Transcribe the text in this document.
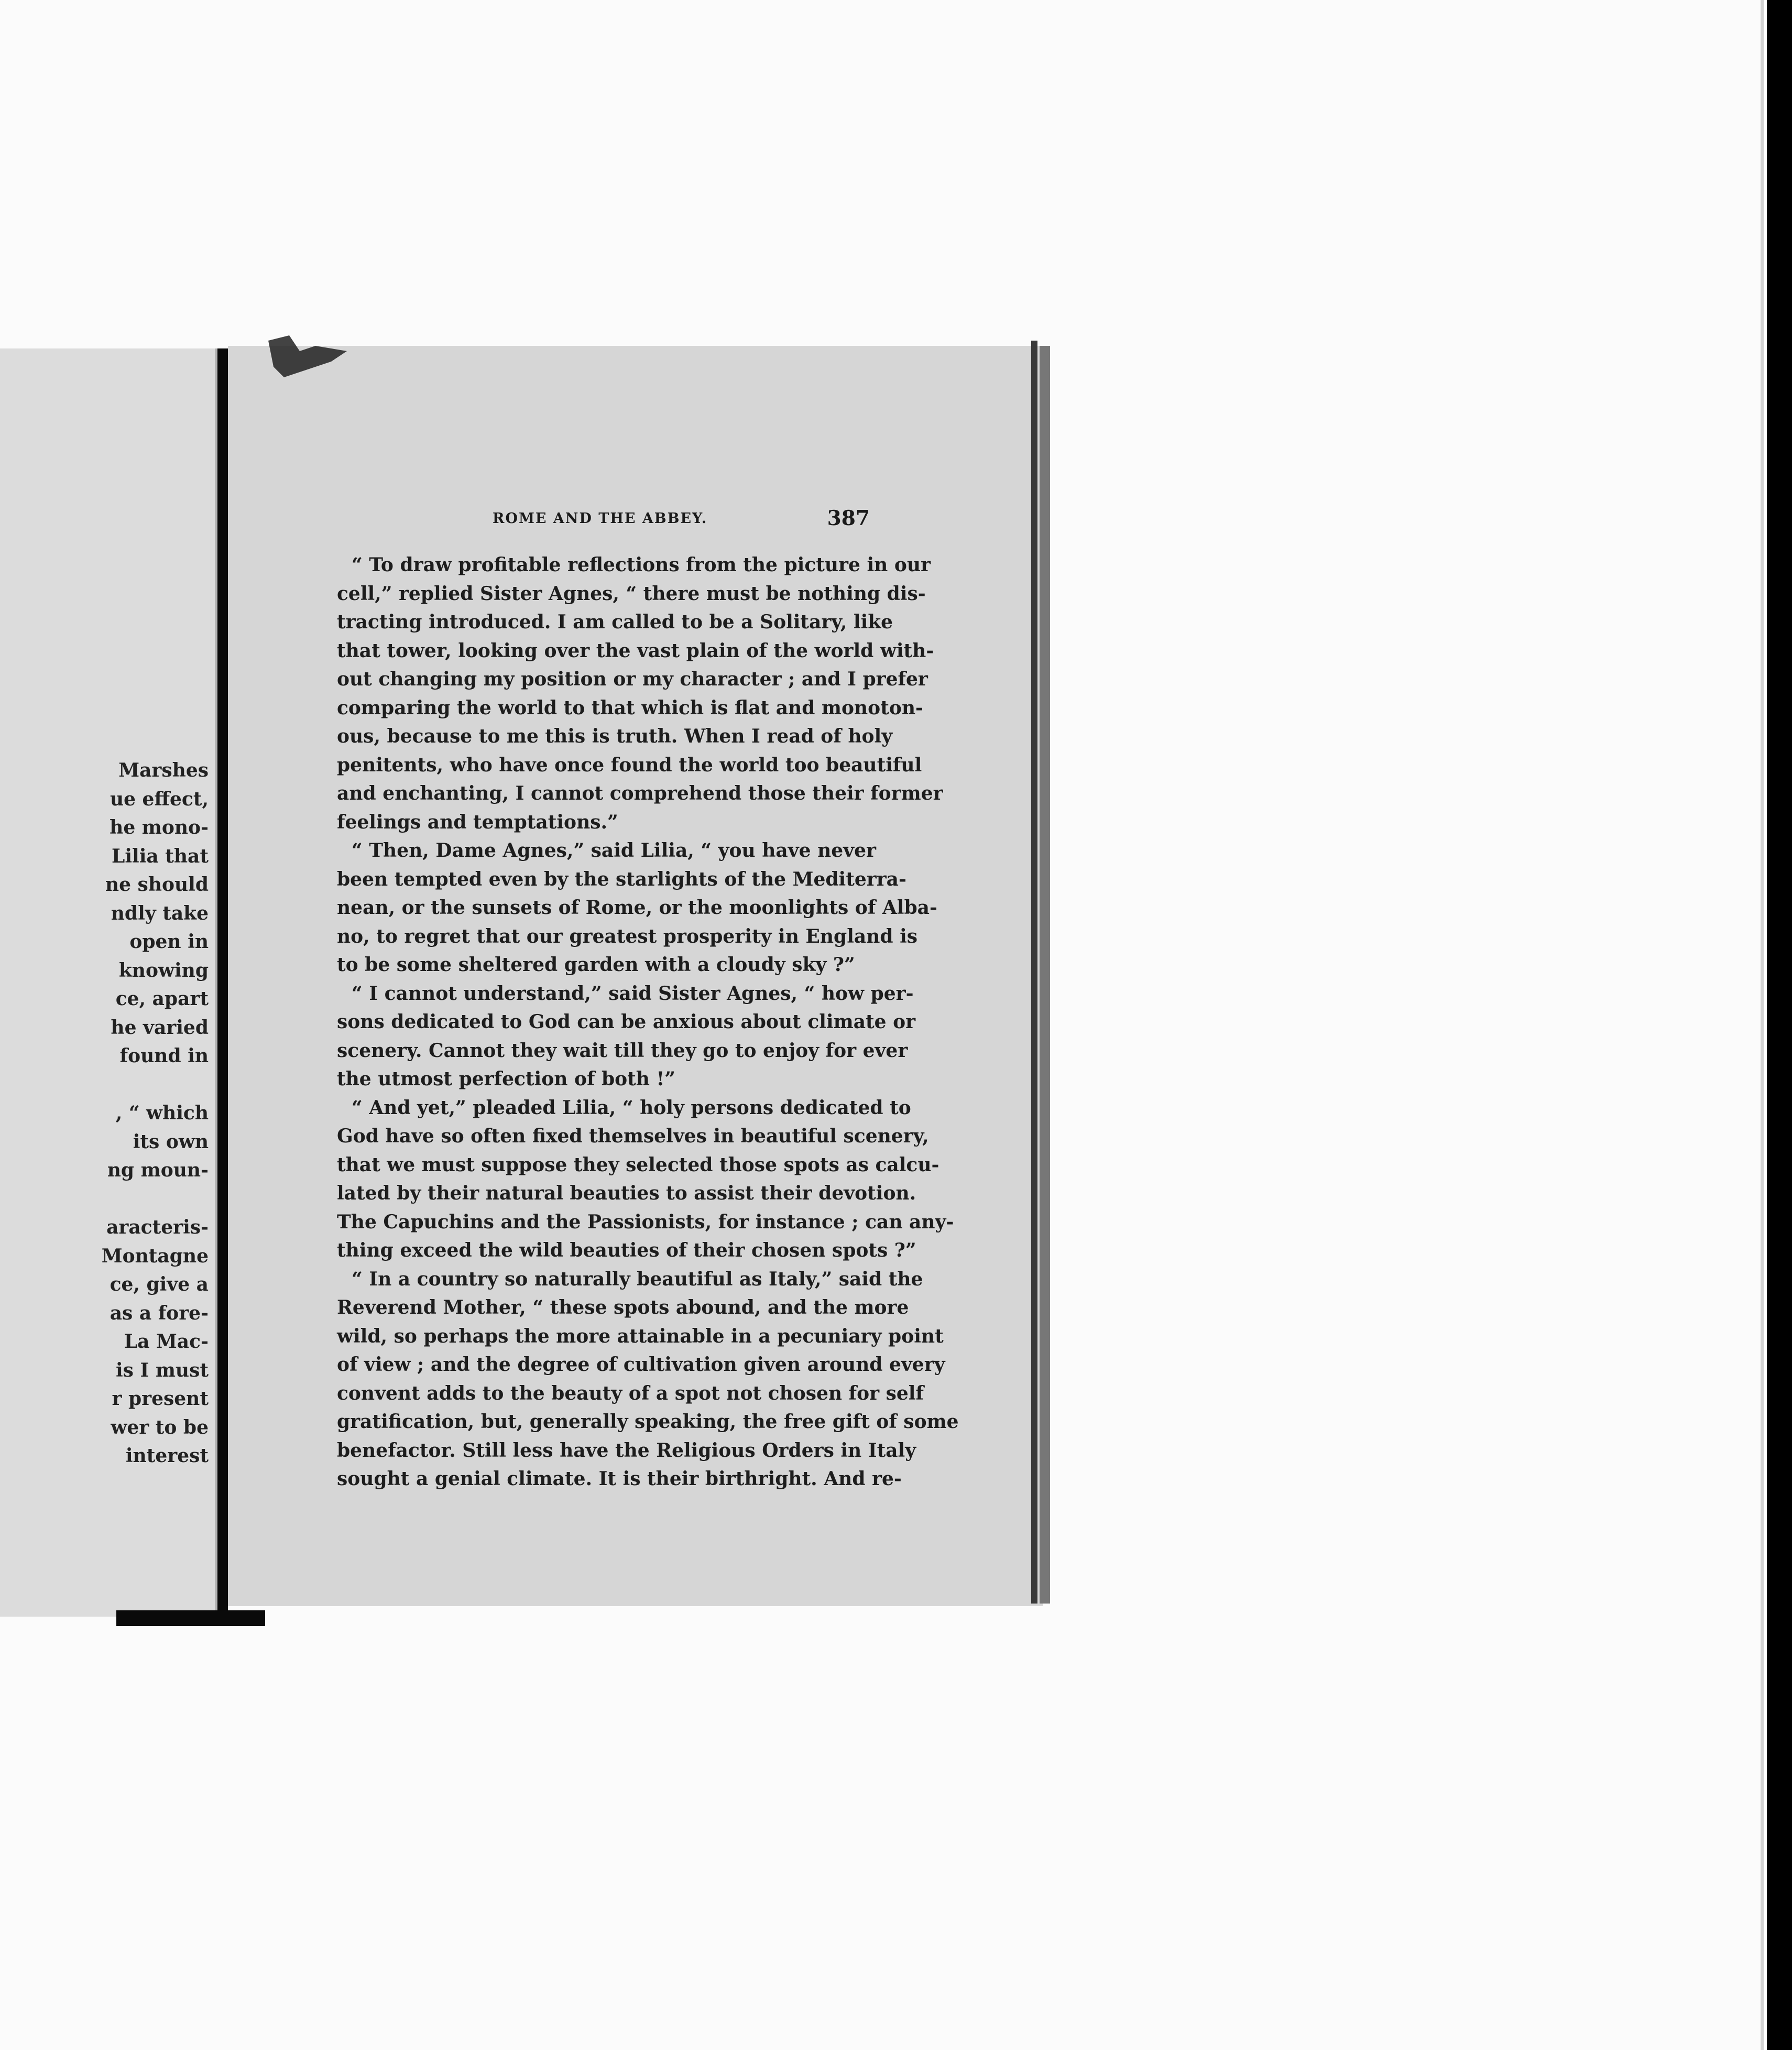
Marshes
ue effect,
he mono-
Lilia that
ne should
ndly take
open in
knowing
ce, apart
he varied
found in
, “ which
its own
ng moun-
aracteris-
Montagne
ce, give a
as a fore-
La Mac-
is I must
r present
wer to be
interest
ROME AND THE ABBEY.	387
“ To draw profitable reflections from the picture in our
cell,” replied Sister Agnes, “ there must be nothing dis-
tracting introduced. I am called to be a Solitary, like
that tower, looking over the vast plain of the world with-
out changing my position or my character ; and I prefer
comparing the world to that which is flat and monoton-
ous, because to me this is truth. When I read of holy
penitents, who have once found the world too beautiful
and enchanting, I cannot comprehend those their former
feelings and temptations.”
“ Then, Dame Agnes,” said Lilia, “ you have never
been tempted even by the starlights of the Mediterra-
nean, or the sunsets of Rome, or the moonlights of Alba-
no, to regret that our greatest prosperity in England is
to be some sheltered garden with a cloudy sky ?”
“ I cannot understand,” said Sister Agnes, “ how per-
sons dedicated to God can be anxious about climate or
scenery. Cannot they wait till they go to enjoy for ever
the utmost perfection of both !”
“ And yet,” pleaded Lilia, “ holy persons dedicated to
God have so often fixed themselves in beautiful scenery,
that we must suppose they selected those spots as calcu-
lated by their natural beauties to assist their devotion.
The Capuchins and the Passionists, for instance ; can any-
thing exceed the wild beauties of their chosen spots ?”
“ In a country so naturally beautiful as Italy,” said the
Reverend Mother, “ these spots abound, and the more
wild, so perhaps the more attainable in a pecuniary point
of view ; and the degree of cultivation given around every
convent adds to the beauty of a spot not chosen for self
gratification, but, generally speaking, the free gift of some
benefactor. Still less have the Religious Orders in Italy
sought a genial climate. It is their birthright. And re-
